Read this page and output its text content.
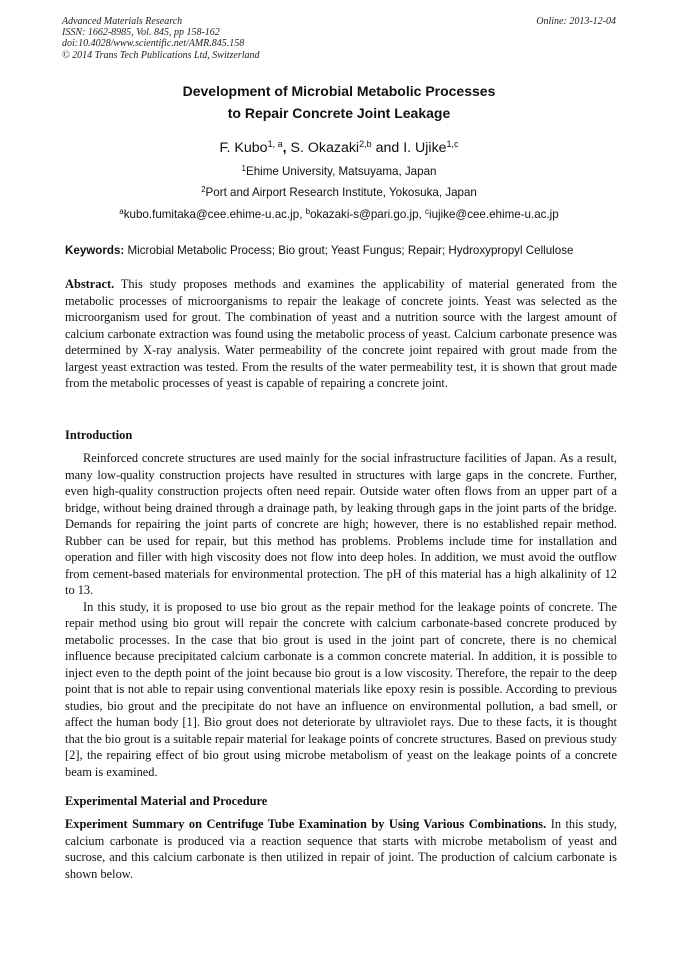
Advanced Materials Research
ISSN: 1662-8985, Vol. 845, pp 158-162
doi:10.4028/www.scientific.net/AMR.845.158
© 2014 Trans Tech Publications Ltd, Switzerland
Online: 2013-12-04
Development of Microbial Metabolic Processes
to Repair Concrete Joint Leakage
F. Kubo$^{1, a}$, S. Okazaki$^{2,b}$ and I. Ujike$^{1,c}$
$^1$Ehime University, Matsuyama, Japan
$^2$Port and Airport Research Institute, Yokosuka, Japan
$^a$kubo.fumitaka@cee.ehime-u.ac.jp, $^b$okazaki-s@pari.go.jp, $^c$iujike@cee.ehime-u.ac.jp
Keywords: Microbial Metabolic Process; Bio grout; Yeast Fungus; Repair; Hydroxypropyl Cellulose
Abstract. This study proposes methods and examines the applicability of material generated from the metabolic processes of microorganisms to repair the leakage of concrete joints. Yeast was selected as the microorganism used for grout. The combination of yeast and a nutrition source with the largest amount of calcium carbonate extraction was found using the metabolic process of yeast. Calcium carbonate presence was determined by X-ray analysis. Water permeability of the concrete joint repaired with grout made from the largest yeast extraction was tested. From the results of the water permeability test, it is shown that grout made from the metabolic processes of yeast is capable of repairing a concrete joint.
Introduction

Reinforced concrete structures are used mainly for the social infrastructure facilities of Japan. As a result, many low-quality construction projects have resulted in structures with large gaps in the concrete. Further, even high-quality construction projects often need repair. Outside water often flows from an upper part of a bridge, without being drained through a drainage path, by leaking through gaps in the joint parts of the bridge. Demands for repairing the joint parts of concrete are high; however, there is no established repair method. Rubber can be used for repair, but this method has problems. Problems include time for installation and operation and filler with high viscosity does not flow into deep holes. In addition, we must avoid the outflow from cement-based materials for environmental protection. The pH of this material has a high alkalinity of 12 to 13.

In this study, it is proposed to use bio grout as the repair method for the leakage points of concrete. The repair method using bio grout will repair the concrete with calcium carbonate-based concrete produced by metabolic processes. In the case that bio grout is used in the joint part of concrete, there is no chemical influence because precipitated calcium carbonate is a common concrete material. In addition, it is possible to inject even to the depth point of the joint because bio grout is a low viscosity. Therefore, the repair to the deep point that is not able to repair using conventional materials like epoxy resin is possible. According to previous studies, bio grout and the precipitate do not have an influence on environmental pollution, a bad smell, or affect the human body [1]. Bio grout does not deteriorate by ultraviolet rays. Due to these facts, it is thought that the bio grout is a suitable repair material for leakage points of concrete structures. Based on previous study [2], the repairing effect of bio grout using microbe metabolism of yeast on the leakage points of a concrete beam is examined.

Experimental Material and Procedure
Experiment Summary on Centrifuge Tube Examination by Using Various Combinations. In this study, calcium carbonate is produced via a reaction sequence that starts with microbe metabolism of yeast and sucrose, and this calcium carbonate is then utilized in repair of joint. The production of calcium carbonate is shown below.
